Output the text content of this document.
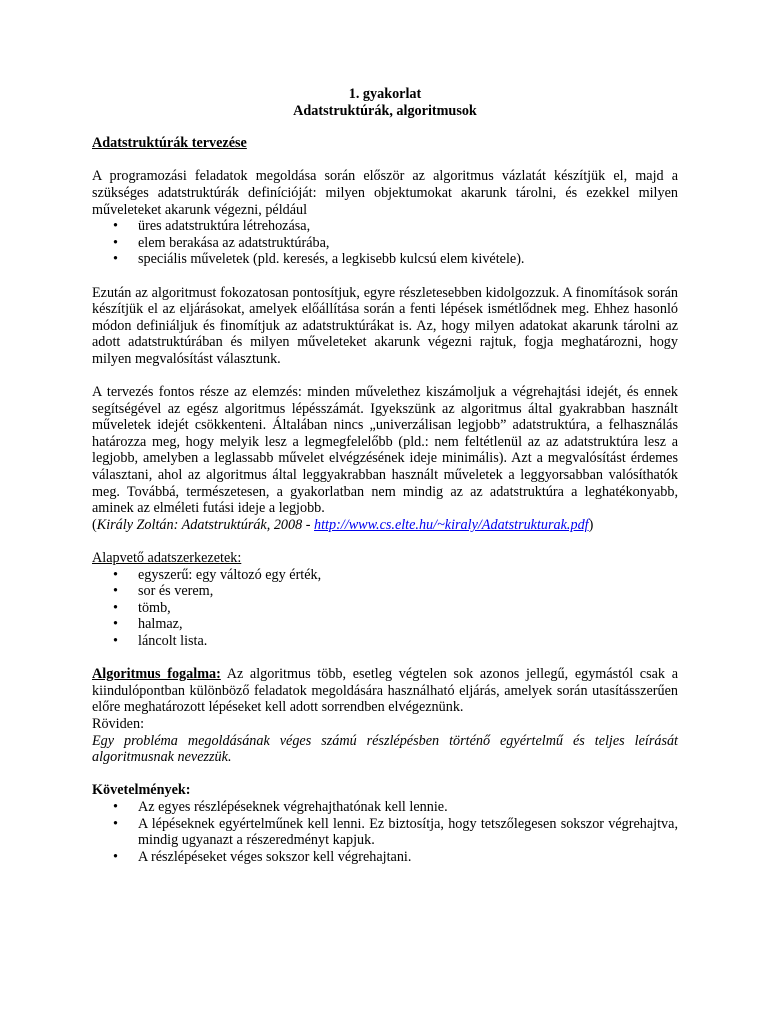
1. gyakorlat
Adatstruktúrák, algoritmusok
Adatstruktúrák tervezése

A programozási feladatok megoldása során először az algoritmus vázlatát készítjük el, majd a szükséges adatstruktúrák definícióját: milyen objektumokat akarunk tárolni, és ezekkel milyen műveleteket akarunk végezni, például

• üres adatstruktúra létrehozása,
• elem berakása az adatstruktúrába,
• speciális műveletek (pld. keresés, a legkisebb kulcsú elem kivétele).

Ezután az algoritmust fokozatosan pontosítjuk, egyre részletesebben kidolgozzuk. A finomítások során készítjük el az eljárásokat, amelyek előállítása során a fenti lépések ismétlődnek meg. Ehhez hasonló módon definiáljuk és finomítjuk az adatstruktúrákat is. Az, hogy milyen adatokat akarunk tárolni az adott adatstruktúrában és milyen műveleteket akarunk végezni rajtuk, fogja meghatározni, hogy milyen megvalósítást választunk.

A tervezés fontos része az elemzés: minden művelethez kiszámoljuk a végrehajtási idejét, és ennek segítségével az egész algoritmus lépésszámát. Igyekszünk az algoritmus által gyakrabban használt műveletek idejét csökkenteni. Általában nincs „univerzálisan legjobb” adatstruktúra, a felhasználás határozza meg, hogy melyik lesz a legmegfelelőbb (pld.: nem feltétlenül az az adatstruktúra lesz a legjobb, amelyben a leglassabb művelet elvégzésének ideje minimális). Azt a megvalósítást érdemes választani, ahol az algoritmus által leggyakrabban használt műveletek a leggyorsabban valósíthatók meg. Továbbá, természetesen, a gyakorlatban nem mindig az az adatstruktúra a leghatékonyabb, aminek az elméleti futási ideje a legjobb.
(Király Zoltán: Adatstruktúrák, 2008 - http://www.cs.elte.hu/~kiraly/Adatstrukturak.pdf)

Alapvető adatszerkezetek:
• egyszerű: egy változó egy érték,
• sor és verem,
• tömb,
• halmaz,
• láncolt lista.

Algoritmus fogalma: Az algoritmus több, esetleg végtelen sok azonos jellegű, egymástól csak a kiindulópontban különböző feladatok megoldására használható eljárás, amelyek során utasításszerűen előre meghatározott lépéseket kell adott sorrendben elvégeznünk.

Röviden:

Egy probléma megoldásának véges számú részlépésben történő egyértelmű és teljes leírását algoritmusnak nevezzük.

Követelmények:
• Az egyes részlépéseknek végrehajthatónak kell lennie.
• A lépéseknek egyértelműnek kell lenni. Ez biztosítja, hogy tetszőlegesen sokszor végrehajtva, mindig ugyanazt a részeredményt kapjuk.
• A részlépéseket véges sokszor kell végrehajtani.
